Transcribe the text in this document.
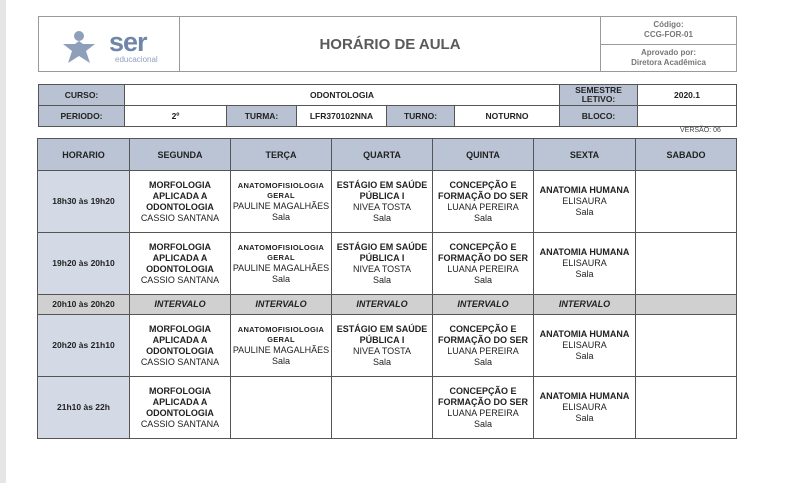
ser
educacional
	HORÁRIO DE AULA	
Código:
CCG-FOR-01

Aprovado por:
Diretora Acadêmica
CURSO:	ODONTOLOGIA					SEMESTRE LETIVO:	2020.1
PERIODO:	2º	TURMA:	LFR370102NNA	TURNO:	NOTURNO	BLOCO:	
VERSÃO: 06
HORARIO	SEGUNDA	TERÇA	QUARTA	QUINTA	SEXTA	SABADO
18h30 às 19h20	MORFOLOGIA APLICADA A ODONTOLOGIA
CASSIO SANTANA	ANATOMOFISIOLOGIA GERAL
PAULINE MAGALHÃES
Sala	ESTÁGIO EM SAÚDE PÚBLICA I
NIVEA TOSTA
Sala	CONCEPÇÃO E FORMAÇÃO DO SER
LUANA PEREIRA
Sala	ANATOMIA HUMANA
ELISAURA
Sala	

19h20 às 20h10	MORFOLOGIA APLICADA A ODONTOLOGIA
CASSIO SANTANA	ANATOMOFISIOLOGIA GERAL
PAULINE MAGALHÃES
Sala	ESTÁGIO EM SAÚDE PÚBLICA I
NIVEA TOSTA
Sala	CONCEPÇÃO E FORMAÇÃO DO SER
LUANA PEREIRA
Sala	ANATOMIA HUMANA
ELISAURA
Sala	

20h10 às 20h20	INTERVALO	INTERVALO	INTERVALO	INTERVALO	INTERVALO	
20h20 às 21h10	MORFOLOGIA APLICADA A ODONTOLOGIA
CASSIO SANTANA	ANATOMOFISIOLOGIA GERAL
PAULINE MAGALHÃES
Sala	ESTÁGIO EM SAÚDE PÚBLICA I
NIVEA TOSTA
Sala	CONCEPÇÃO E FORMAÇÃO DO SER
LUANA PEREIRA
Sala	ANATOMIA HUMANA
ELISAURA
Sala	

21h10 às 22h	MORFOLOGIA APLICADA A ODONTOLOGIA
CASSIO SANTANA			CONCEPÇÃO E FORMAÇÃO DO SER
LUANA PEREIRA
Sala	ANATOMIA HUMANA
ELISAURA
Sala	
